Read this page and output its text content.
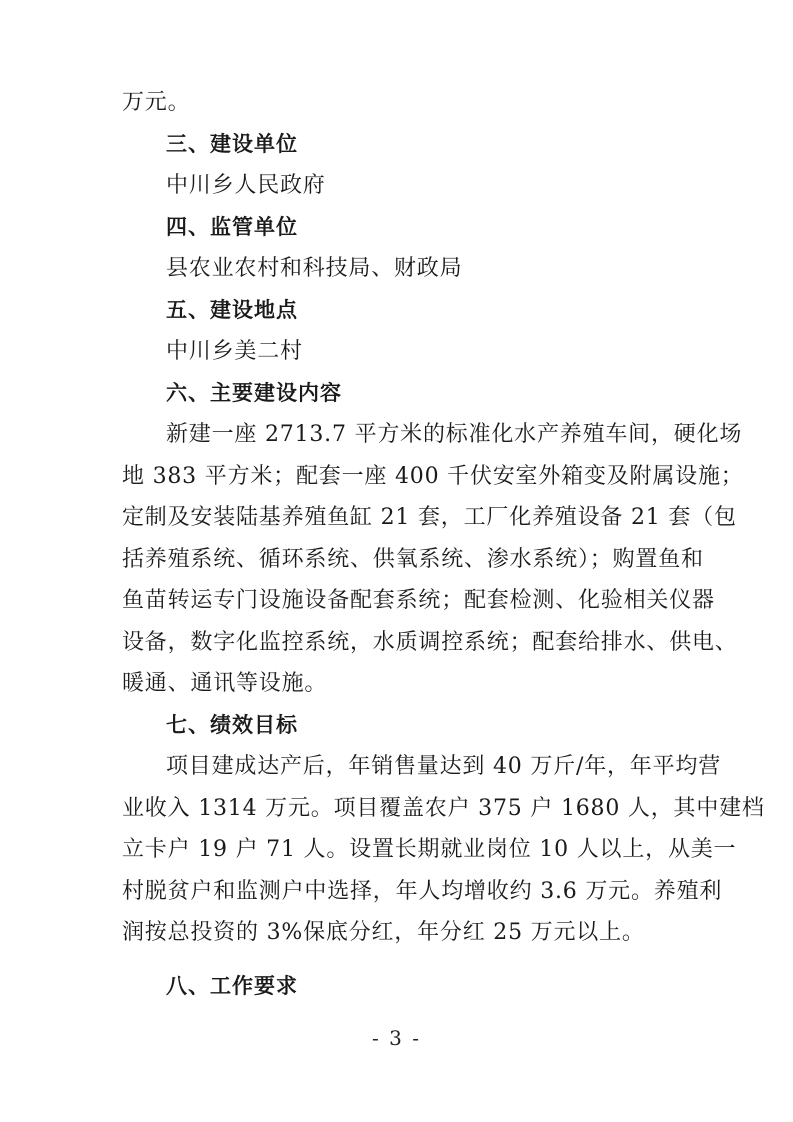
万元。
三、建设单位
中川乡人民政府
四、监管单位
县农业农村和科技局、财政局
五、建设地点
中川乡美二村
六、主要建设内容
新建一座 2713.7 平方米的标准化水产养殖车间，硬化场
地 383 平方米；配套一座 400 千伏安室外箱变及附属设施；
定制及安装陆基养殖鱼缸 21 套，工厂化养殖设备 21 套（包
括养殖系统、循环系统、供氧系统、渗水系统）；购置鱼和
鱼苗转运专门设施设备配套系统；配套检测、化验相关仪器
设备，数字化监控系统，水质调控系统；配套给排水、供电、
暖通、通讯等设施。
七、绩效目标
项目建成达产后，年销售量达到 40 万斤/年，年平均营
业收入 1314 万元。项目覆盖农户 375 户 1680 人，其中建档
立卡户 19 户 71 人。设置长期就业岗位 10 人以上，从美一
村脱贫户和监测户中选择，年人均增收约 3.6 万元。养殖利
润按总投资的 3%保底分红，年分红 25 万元以上。
八、工作要求
- 3 -
